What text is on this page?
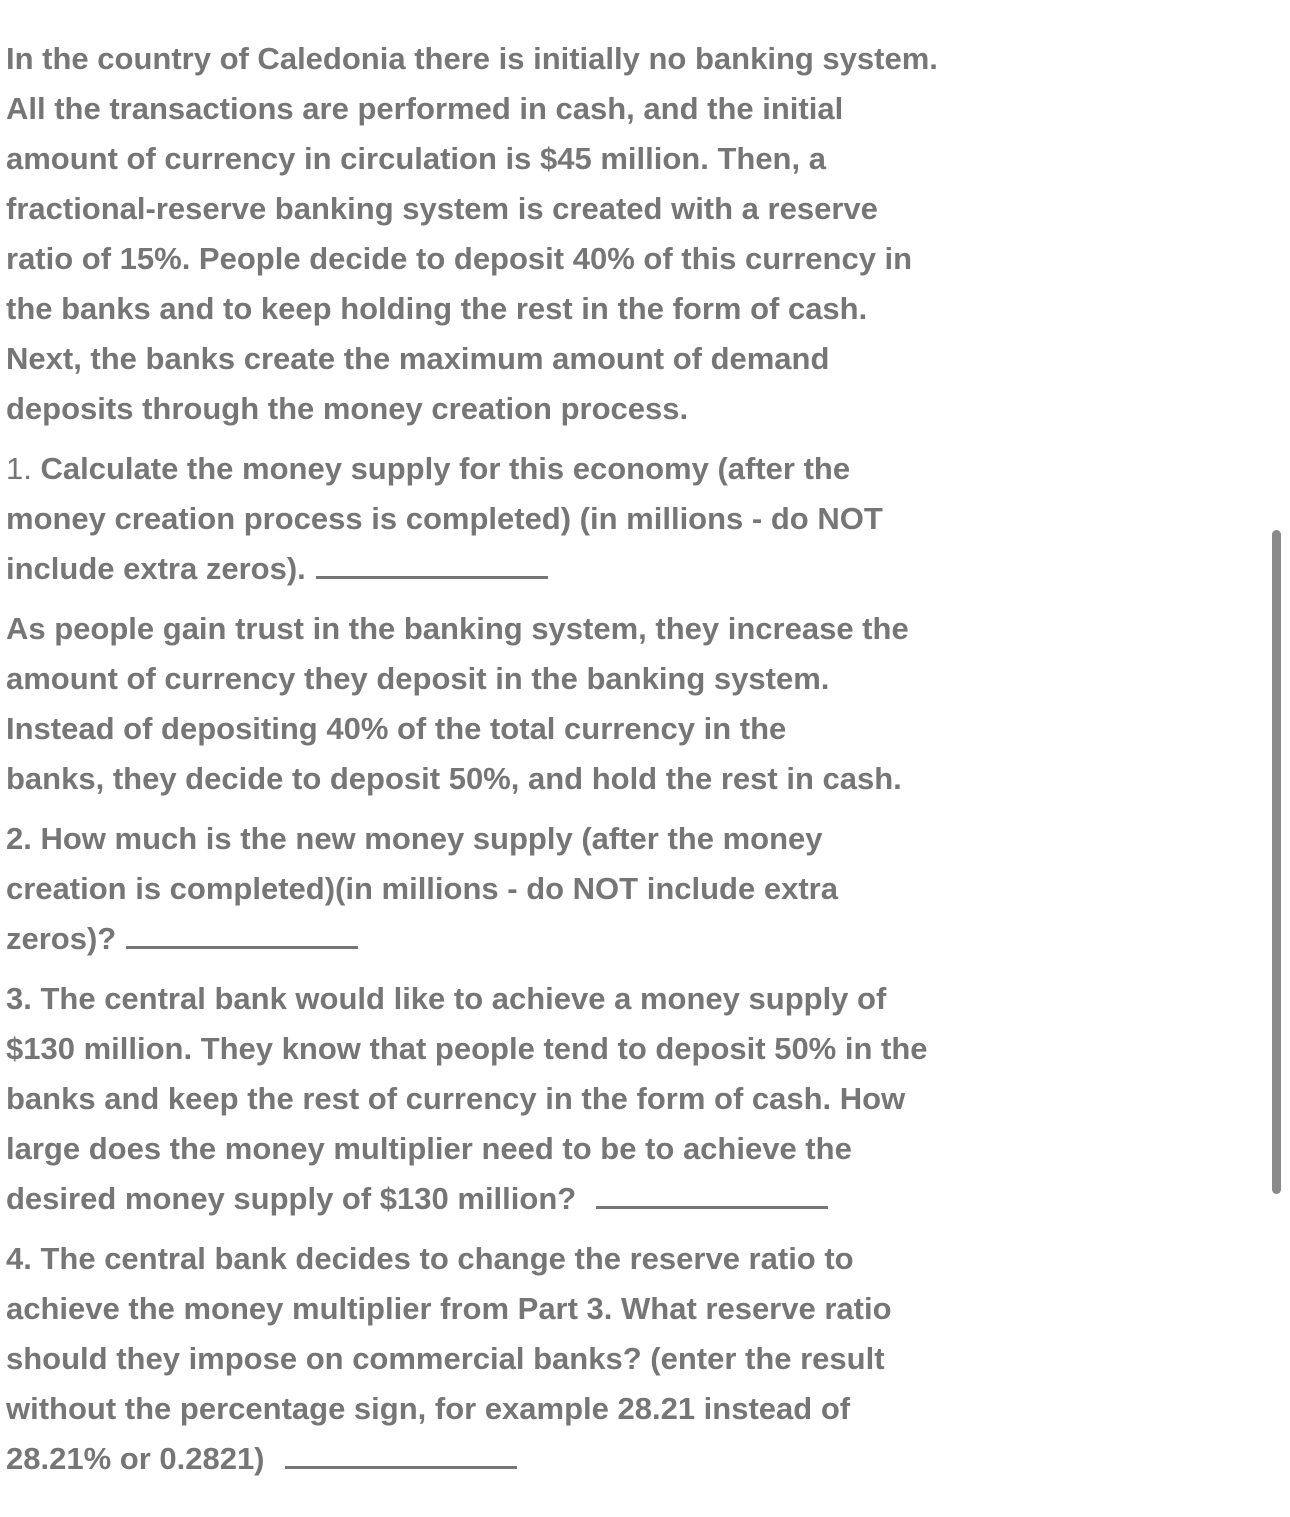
In the country of Caledonia there is initially no banking system.
All the transactions are performed in cash, and the initial
amount of currency in circulation is $45 million. Then, a
fractional-reserve banking system is created with a reserve
ratio of 15%. People decide to deposit 40% of this currency in
the banks and to keep holding the rest in the form of cash.
Next, the banks create the maximum amount of demand
deposits through the money creation process.

1. Calculate the money supply for this economy (after the
money creation process is completed) (in millions - do NOT
include extra zeros).

As people gain trust in the banking system, they increase the
amount of currency they deposit in the banking system.
Instead of depositing 40% of the total currency in the
banks, they decide to deposit 50%, and hold the rest in cash.

2. How much is the new money supply (after the money
creation is completed)(in millions - do NOT include extra
zeros)?

3. The central bank would like to achieve a money supply of
$130 million. They know that people tend to deposit 50% in the
banks and keep the rest of currency in the form of cash. How
large does the money multiplier need to be to achieve the
desired money supply of $130 million?

4. The central bank decides to change the reserve ratio to
achieve the money multiplier from Part 3. What reserve ratio
should they impose on commercial banks? (enter the result
without the percentage sign, for example 28.21 instead of
28.21% or 0.2821)
